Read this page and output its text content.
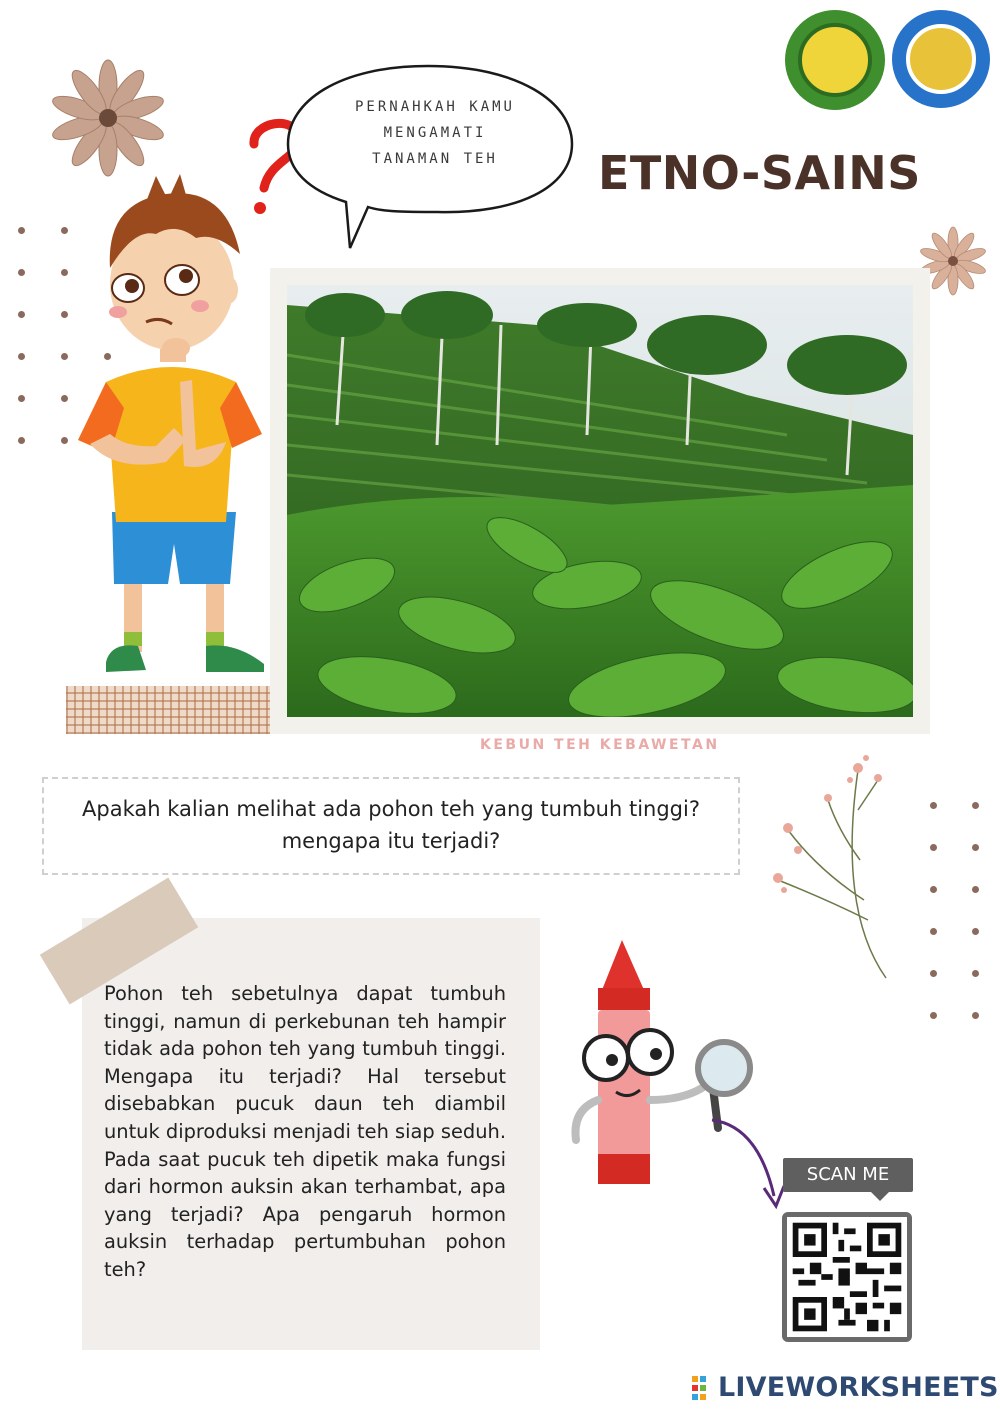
ETNO-SAINS
PERNAHKAH KAMU
MENGAMATI
TANAMAN TEH
KEBUN TEH KEBAWETAN
Apakah kalian melihat ada pohon teh yang tumbuh tinggi? mengapa itu terjadi?
Pohon teh sebetulnya dapat tumbuh tinggi, namun di perkebunan teh hampir tidak ada pohon teh yang tumbuh tinggi. Mengapa itu terjadi? Hal tersebut disebabkan pucuk daun teh diambil untuk diproduksi menjadi teh siap seduh. Pada saat pucuk teh dipetik maka fungsi dari hormon auksin akan terhambat, apa yang terjadi? Apa pengaruh hormon auksin terhadap pertumbuhan pohon teh?
SCAN ME
LIVEWORKSHEETS
